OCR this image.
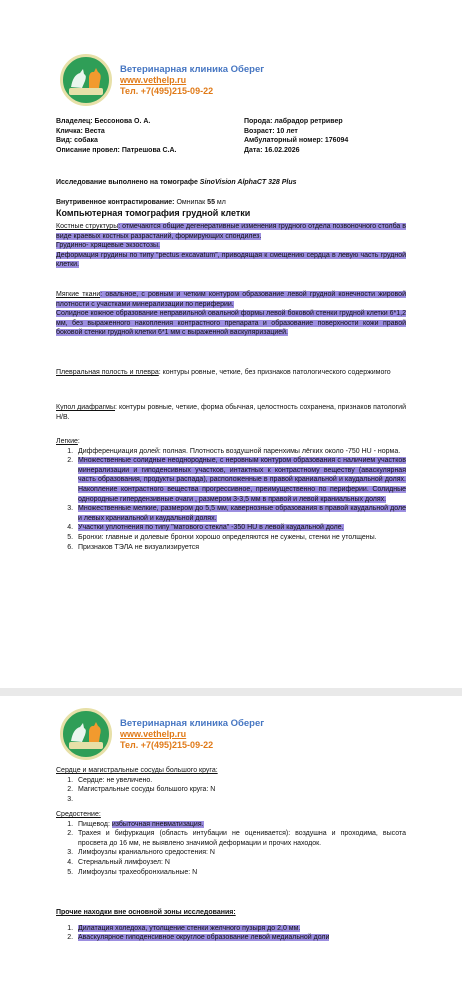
Ветеринарная клиника Оберег
www.vethelp.ru
Тел. +7(495)215-09-22
Владелец: Бессонова О. А.
Кличка: Веста
Вид: собака
Описание провел: Патрешова С.А.
Порода: лабрадор ретривер
Возраст: 10 лет
Амбулаторный номер: 176094
Дата: 16.02.2026
Исследование выполнено на томографе SinoVision AlphaCT 328 Plus
Внутривенное контрастирование: Омнипак 55 мл
Компьютерная томография грудной клетки
Костные структуры: отмечаются общие дегенеративные изменения грудного отдела позвоночного столба в виде краевых костных разрастаний, формирующих спондилез.
Грудинно- хрящевые экзостозы.
Деформация грудины по типу “pectus excavatum”, приводящая к смещению сердца в левую часть грудной клетки.
Мягкие ткани: овальное, с ровным и четким контуром образование левой грудной конечности жировой плотности с участками минерализации по периферии.
Солидное кожное образование неправильной овальной формы левой боковой стенки грудной клетки 6*1,2 мм, без выраженного накопления контрастного препарата и образование поверхности кожи правой боковой стенки грудной клетки 6*1 мм с выраженной васкуляризацией.
Плевральная полость и плевра: контуры ровные, четкие, без признаков патологического содержимого
Купол диафрагмы: контуры ровные, четкие, форма обычная, целостность сохранена, признаков патологий Н/В.
Легкие:
1. Дифференциация долей: полная. Плотность воздушной паренхимы лёгких около -750 HU - норма.
2. Множественные солидные неоднородные, с неровным контуром образования с наличием участков минерализации и гиподенсивных участков, интактных к контрастному веществу (аваскулярная часть образования, продукты распада), расположенные в правой краниальной и каудальной долях. Накопление контрастного вещества прогрессивное, преимущественно по периферии. Солидные однородные гипердензивные очаги , размером 3-3,5 мм в правой и левой краниальных долях.
3. Множественные мелкие, размером до 5,5 мм, кавернозные образования в правой каудальной доле и левых краниальной и каудальной долях.
4. Участки уплотнения по типу "матового стекла" -350 HU в левой каудальной доле.
5. Бронхи: главные и долевые бронхи хорошо определяются не сужены, стенки не утолщены.
6. Признаков ТЭЛА не визуализируется
Ветеринарная клиника Оберег
www.vethelp.ru
Тел. +7(495)215-09-22
Сердце и магистральные сосуды большого круга:
1. Сердце: не увеличено.
2. Магистральные сосуды большого круга: N
3.
Средостение:
1. Пищевод: избыточная пневматизация.
2. Трахея и бифуркация (область интубации не оценивается): воздушна и проходима, высота просвета до 16 мм, не выявлено значимой деформации и прочих находок.
3. Лимфоузлы краниального средостения: N
4. Стернальный лимфоузел: N
5. Лимфоузлы трахеобронхиальные: N
Прочие находки вне основной зоны исследования:
1. Дилатация холедоха, утолщение стенки желчного пузыря до 2,0 мм.
2. Аваскулярное гиподенсивное округлое образование левой медиальной доли
